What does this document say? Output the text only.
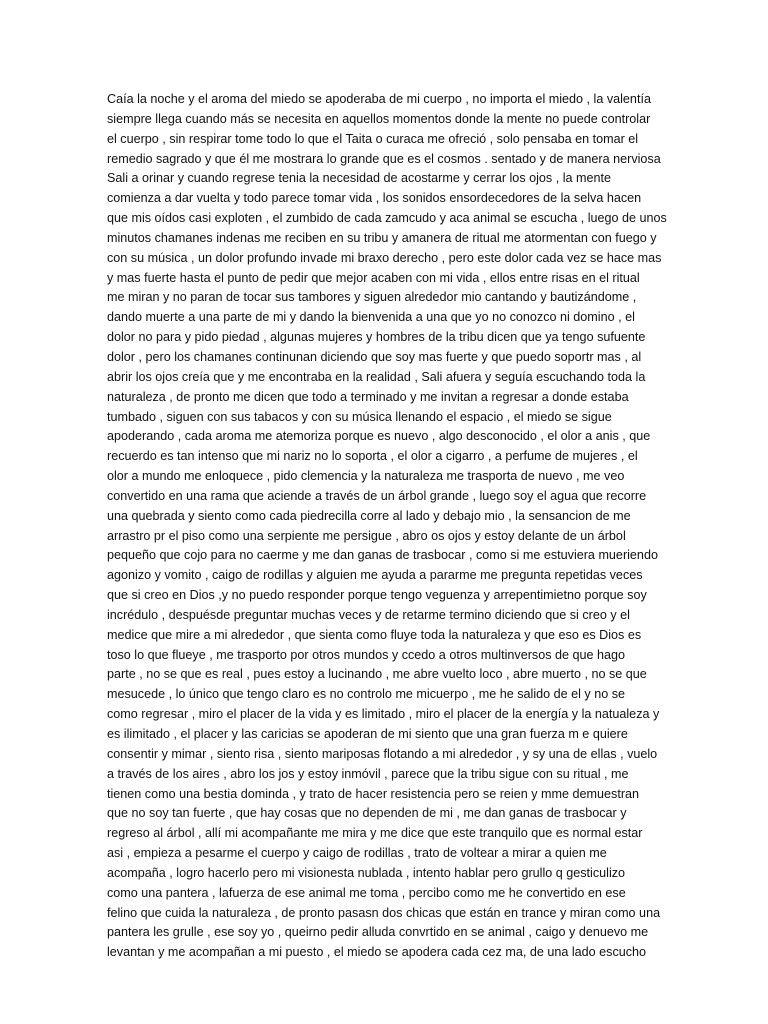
Caía la noche y el aroma del miedo se apoderaba de mi cuerpo , no importa el miedo , la valentía
siempre llega cuando más se necesita en aquellos momentos donde la mente no puede controlar
el cuerpo , sin respirar tome todo lo que el Taita o curaca me ofreció , solo pensaba en tomar el
remedio sagrado y que él me mostrara lo grande que es el cosmos . sentado y de manera nerviosa
Sali a orinar y cuando regrese tenia la necesidad de acostarme y cerrar los ojos , la mente
comienza a dar vuelta y todo parece tomar vida , los sonidos ensordecedores de la selva hacen
que mis oídos casi exploten , el zumbido de cada zamcudo y aca animal se escucha , luego de unos
minutos chamanes indenas me reciben en su tribu y amanera de ritual me atormentan con fuego y
con su música , un dolor profundo invade mi braxo derecho , pero este dolor cada vez se hace mas
y mas fuerte hasta el punto de pedir que mejor acaben con mi vida , ellos entre risas en el ritual
me miran y no paran de tocar sus tambores y siguen alrededor mio cantando y bautizándome ,
dando muerte a una parte de mi y dando la bienvenida a una que yo no conozco ni domino , el
dolor no para y pido piedad , algunas mujeres y hombres de la tribu dicen que ya tengo sufuente
dolor , pero los chamanes continunan diciendo que soy mas fuerte y que puedo soportr mas , al
abrir los ojos creía que y me encontraba en la realidad , Sali afuera y seguía escuchando toda la
naturaleza , de pronto me dicen que todo a terminado y me invitan a regresar a donde estaba
tumbado , siguen con sus tabacos y con su música llenando el espacio , el miedo se sigue
apoderando , cada aroma me atemoriza porque es nuevo , algo desconocido , el olor a anis , que
recuerdo es tan intenso que mi nariz no lo soporta , el olor a cigarro , a perfume de mujeres , el
olor a mundo me enloquece , pido clemencia y la naturaleza me trasporta de nuevo , me veo
convertido en una rama que aciende a través de un árbol grande , luego soy el agua que recorre
una quebrada y siento como cada piedrecilla corre al lado y debajo mio , la sensancion de me
arrastro pr el piso como una serpiente me persigue , abro os ojos y estoy delante de un árbol
pequeño que cojo para no caerme y me dan ganas de trasbocar , como si me estuviera mueriendo
agonizo y vomito , caigo de rodillas y alguien me ayuda a pararme me pregunta repetidas veces
que si creo en Dios ,y no puedo responder porque tengo veguenza y arrepentimietno porque soy
incrédulo , despuésde preguntar muchas veces y de retarme termino diciendo que si creo y el
medice que mire a mi alrededor , que sienta como fluye toda la naturaleza y que eso es Dios es
toso lo que flueye , me trasporto por otros mundos y ccedo a otros multinversos de que hago
parte , no se que es real , pues estoy a lucinando , me abre vuelto loco , abre muerto , no se que
mesucede , lo único que tengo claro es no controlo me micuerpo , me he salido de el y no se
como regresar , miro el placer de la vida y es limitado , miro el placer de la energía y la natualeza y
es ilimitado , el placer y las caricias se apoderan de mi siento que una gran fuerza m e quiere
consentir y mimar , siento risa , siento mariposas flotando a mi alrededor , y sy una de ellas , vuelo
a través de los aires , abro los jos y estoy inmóvil , parece que la tribu sigue con su ritual , me
tienen como una bestia dominda , y trato de hacer resistencia pero se reien y mme demuestran
que no soy tan fuerte , que hay cosas que no dependen de mi , me dan ganas de trasbocar y
regreso al árbol , allí mi acompañante me mira y me dice que este tranquilo que es normal estar
asi , empieza a pesarme el cuerpo y caigo de rodillas , trato de voltear a mirar a quien me
acompaña , logro hacerlo pero mi visionesta nublada , intento hablar pero grullo q gesticulizo
como una pantera , lafuerza de ese animal me toma , percibo como me he convertido en ese
felino que cuida la naturaleza , de pronto pasasn dos chicas que están en trance y miran como una
pantera les grulle , ese soy yo , queirno pedir alluda convrtido en se animal , caigo y denuevo me
levantan y me acompañan a mi puesto , el miedo se apodera cada cez ma, de una lado escucho
